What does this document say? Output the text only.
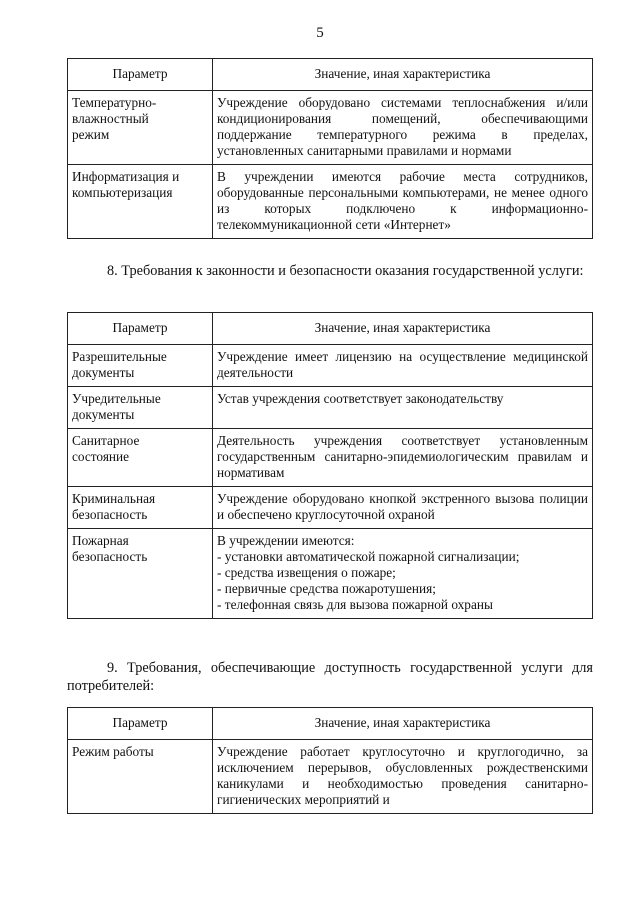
5
Параметр	Значение, иная характеристика

Температурно-
влажностный
режим	Учреждение оборудовано системами теплоснабжения и/или кондиционирования помещений, обеспечивающими поддержание температурного режима в пределах, установленных санитарными правилами и нормами

Информатизация и
компьютеризация	В учреждении имеются рабочие места сотрудников, оборудованные персональными компьютерами, не менее одного из которых подключено к информационно-телекоммуникационной сети «Интернет»
8. Требования к законности и безопасности оказания государственной услуги:
Параметр	Значение, иная характеристика

Разрешительные
документы	Учреждение имеет лицензию на осуществление медицинской деятельности

Учредительные
документы	Устав учреждения соответствует законодательству

Санитарное
состояние	Деятельность учреждения соответствует установленным государственным санитарно-эпидемиологическим правилам и нормативам

Криминальная
безопасность	Учреждение оборудовано кнопкой экстренного вызова полиции и обеспечено круглосуточной охраной

Пожарная
безопасность	В учреждении имеются:
- установки автоматической пожарной сигнализации;
- средства извещения о пожаре;
- первичные средства пожаротушения;
- телефонная связь для вызова пожарной охраны
9. Требования, обеспечивающие доступность государственной услуги для потребителей:
Параметр	Значение, иная характеристика

Режим работы	Учреждение работает круглосуточно и круглогодично, за исключением перерывов, обусловленных рождественскими каникулами и необходимостью проведения санитарно-гигиенических мероприятий и
